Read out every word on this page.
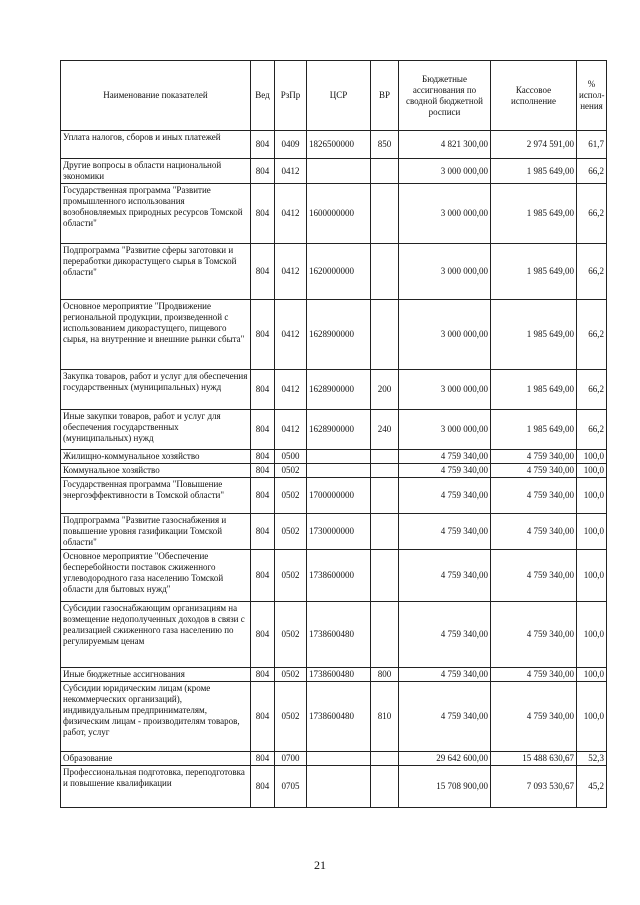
Наименование показателей	Вед	РзПр	ЦСР	ВР	Бюджетные ассигнования по сводной бюджетной росписи	Кассовое исполнение	% испол-нения
Уплата налогов, сборов и иных платежей	804	0409	1826500000	850	4 821 300,00	2 974 591,00	61,7
Другие вопросы в области национальной экономики	804	0412			3 000 000,00	1 985 649,00	66,2
Государственная программа "Развитие промышленного использования возобновляемых природных ресурсов Томской области"	804	0412	1600000000		3 000 000,00	1 985 649,00	66,2
Подпрограмма "Развитие сферы заготовки и переработки дикорастущего сырья в Томской области"	804	0412	1620000000		3 000 000,00	1 985 649,00	66,2
Основное мероприятие "Продвижение региональной продукции, произведенной с использованием дикорастущего, пищевого сырья, на внутренние и внешние рынки сбыта"	804	0412	1628900000		3 000 000,00	1 985 649,00	66,2
Закупка товаров, работ и услуг для обеспечения государственных (муниципальных) нужд	804	0412	1628900000	200	3 000 000,00	1 985 649,00	66,2
Иные закупки товаров, работ и услуг для обеспечения государственных (муниципальных) нужд	804	0412	1628900000	240	3 000 000,00	1 985 649,00	66,2
Жилищно-коммунальное хозяйство	804	0500			4 759 340,00	4 759 340,00	100,0
Коммунальное хозяйство	804	0502			4 759 340,00	4 759 340,00	100,0
Государственная программа "Повышение энергоэффективности в Томской области"	804	0502	1700000000		4 759 340,00	4 759 340,00	100,0
Подпрограмма "Развитие газоснабжения и повышение уровня газификации Томской области"	804	0502	1730000000		4 759 340,00	4 759 340,00	100,0
Основное мероприятие "Обеспечение бесперебойности поставок сжиженного углеводородного газа населению Томской области для бытовых нужд"	804	0502	1738600000		4 759 340,00	4 759 340,00	100,0
Субсидии газоснабжающим организациям на возмещение недополученных доходов в связи с реализацией сжиженного газа населению по регулируемым ценам	804	0502	1738600480		4 759 340,00	4 759 340,00	100,0
Иные бюджетные ассигнования	804	0502	1738600480	800	4 759 340,00	4 759 340,00	100,0
Субсидии юридическим лицам (кроме некоммерческих организаций), индивидуальным предпринимателям, физическим лицам - производителям товаров, работ, услуг	804	0502	1738600480	810	4 759 340,00	4 759 340,00	100,0
Образование	804	0700			29 642 600,00	15 488 630,67	52,3
Профессиональная подготовка, переподготовка и повышение квалификации	804	0705			15 708 900,00	7 093 530,67	45,2
21
